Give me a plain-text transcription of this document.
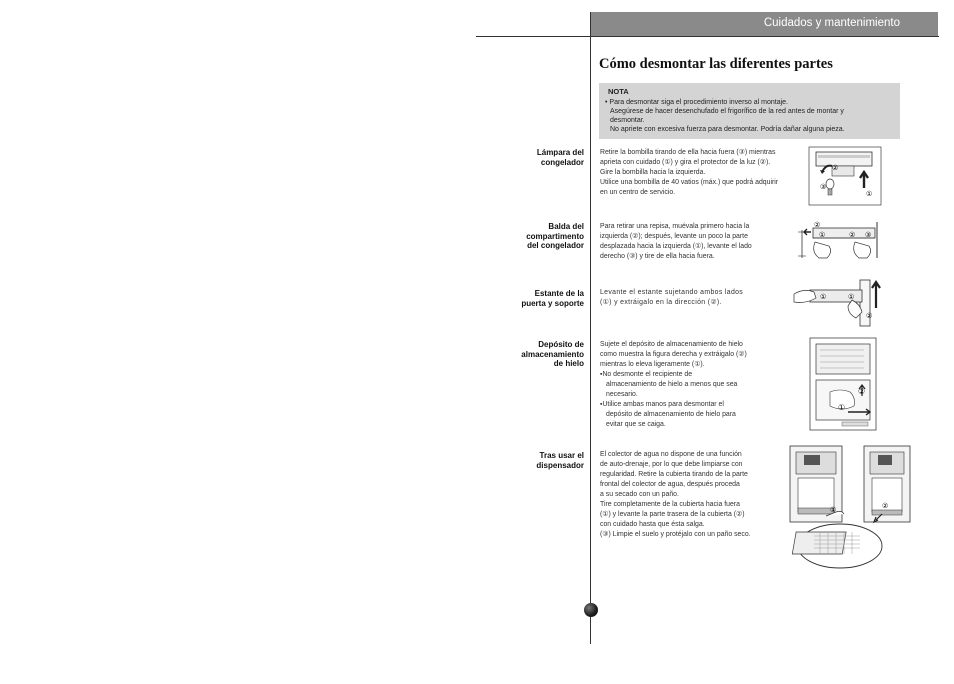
Cuidados y mantenimiento
Cómo desmontar las diferentes partes
NOTA
• Para desmontar siga el procedimiento inverso al montaje.
Asegúrese de hacer desenchufado el frigorífico de la red antes de montar y
desmontar.
No apriete con excesiva fuerza para desmontar. Podría dañar alguna pieza.
Lámpara del
congelador
Retire la bombilla tirando de ella hacia fuera (③) mientras
aprieta con cuidado (①) y gira el protector de la luz (②).
Gire la bombilla hacia la izquierda.
Utilice una bombilla de 40 vatios (máx.) que podrá adquirir
en un centro de servicio.
②
③
①
Balda del
compartimento
del congelador
Para retirar una repisa, muévala primero hacia la
izquierda (②); después, levante un poco la parte
desplazada hacia la izquierda (①), levante el lado
derecho (③) y tire de ella hacia fuera.
②
①	② ③
Estante de la
puerta y soporte
Levante el estante sujetando ambos lados
(①) y extráigalo en la dirección (②).
①	①
②
Depósito de
almacenamiento
de hielo
Sujete el depósito de almacenamiento de hielo
como muestra la figura derecha y extráigalo (②)
mientras lo eleva ligeramente (①).
▪No desmonte el recipiente de
almacenamiento de hielo a menos que sea
necesario.
▪Utilice ambas manos para desmontar el
depósito de almacenamiento de hielo para
evitar que se caiga.
②
①
Tras usar el
dispensador
El colector de agua no dispone de una función
de auto-drenaje, por lo que debe limpiarse con
regularidad. Retire la cubierta tirando de la parte
frontal del colector de agua, después proceda
a su secado con un paño.
Tire completamente de la cubierta hacia fuera
(①) y levante la parte trasera de la cubierta (②)
con cuidado hasta que ésta salga.
(③) Limpie el suelo y protéjalo con un paño seco.
①	②
